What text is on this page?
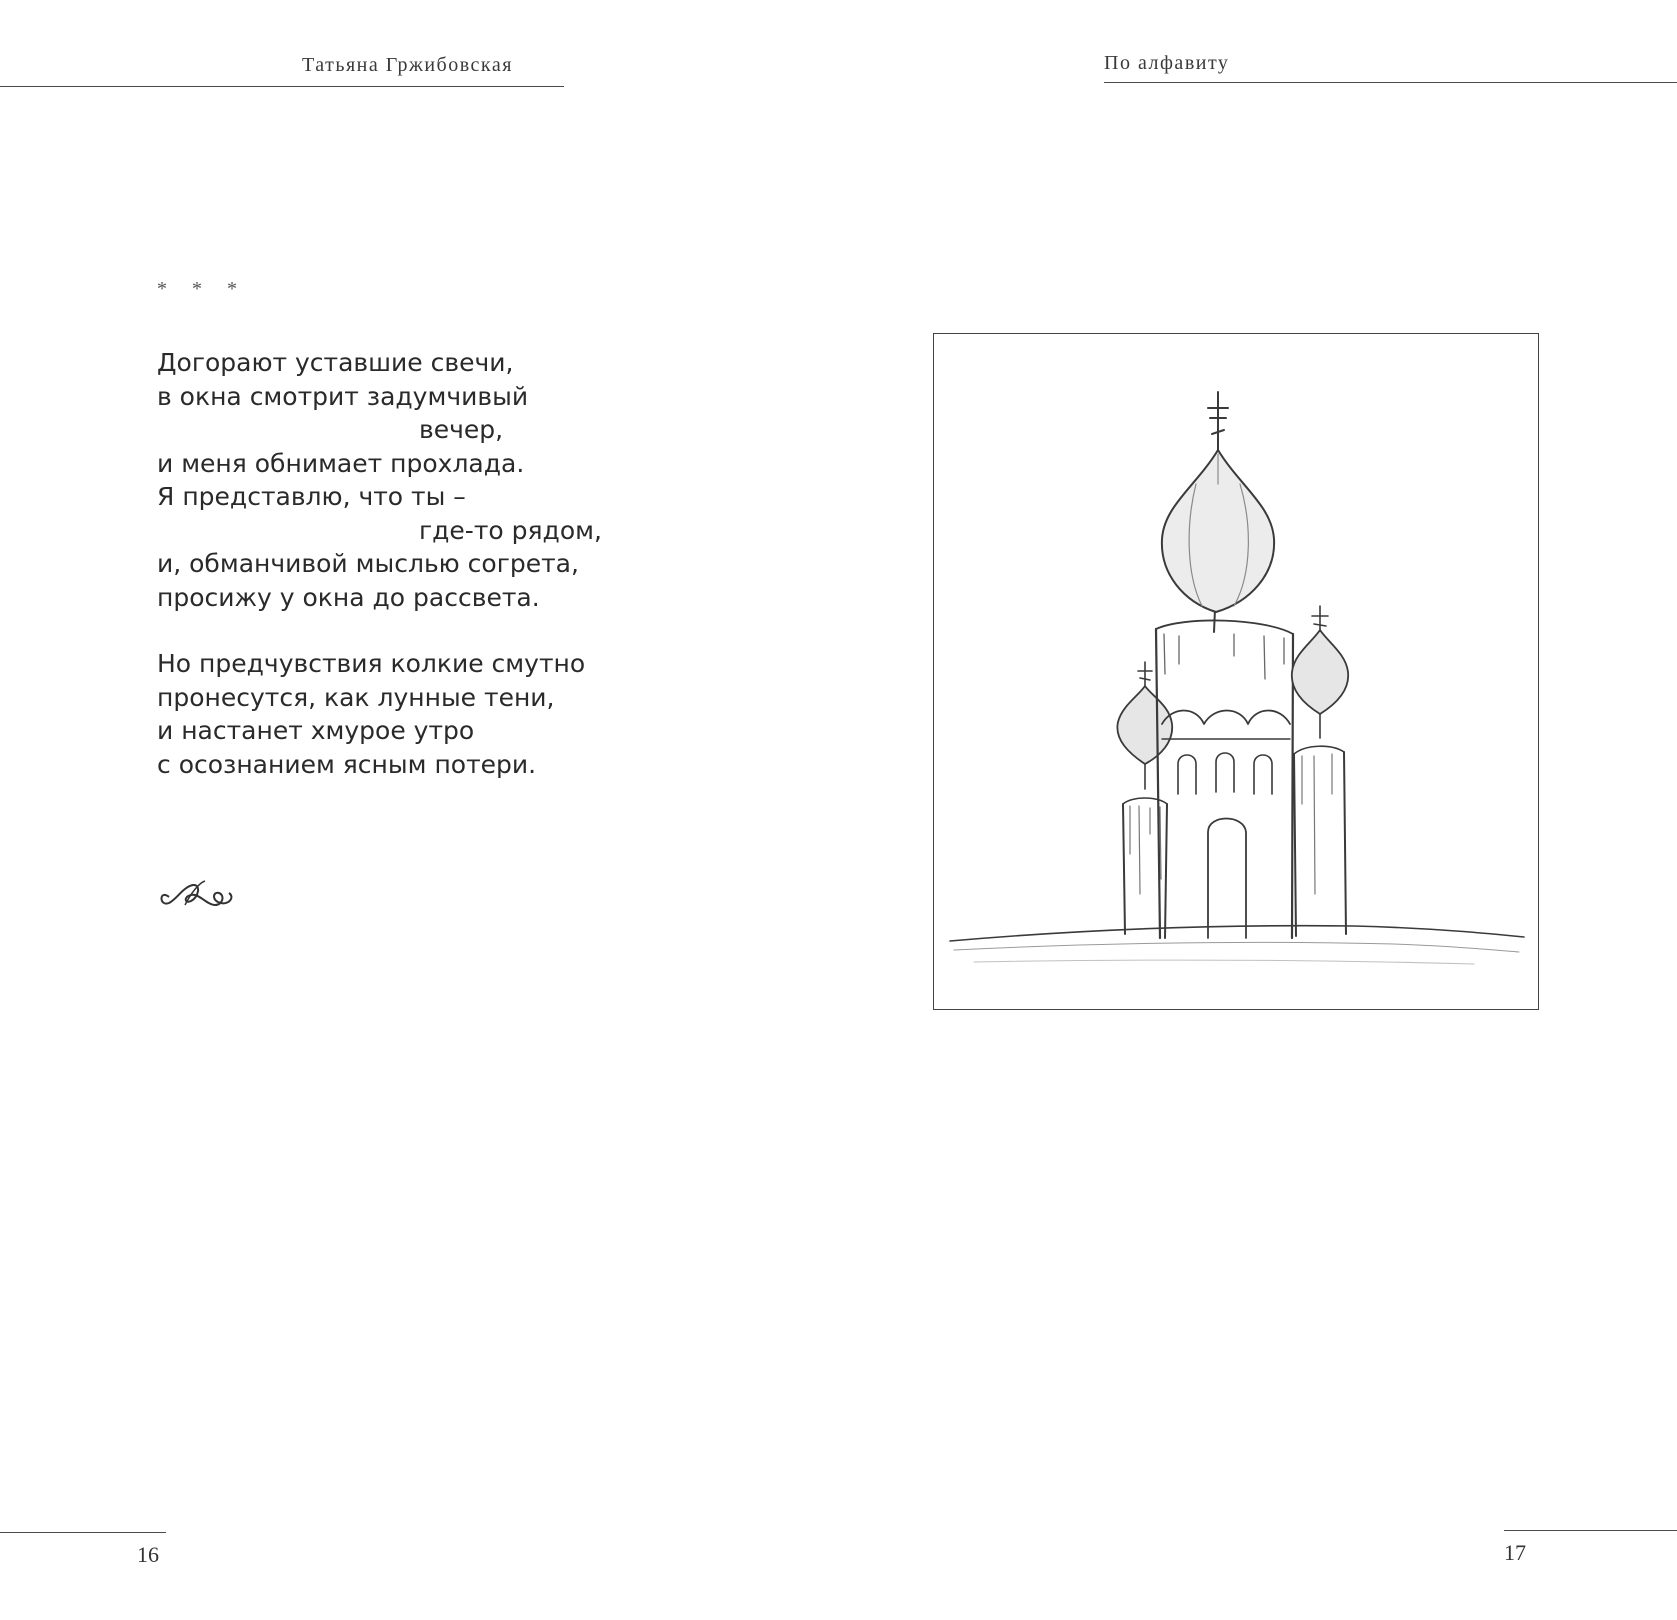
Татьяна Гржибовская
* * *
Догорают уставшие свечи,
в окна смотрит задумчивый
вечер,
и меня обнимает прохлада.
Я представлю, что ты –
где-то рядом,
и, обманчивой мыслью согрета,
просижу у окна до рассвета.
Но предчувствия колкие смутно
пронесутся, как лунные тени,
и настанет хмурое утро
с осознанием ясным потери.
16
По алфавиту
17
